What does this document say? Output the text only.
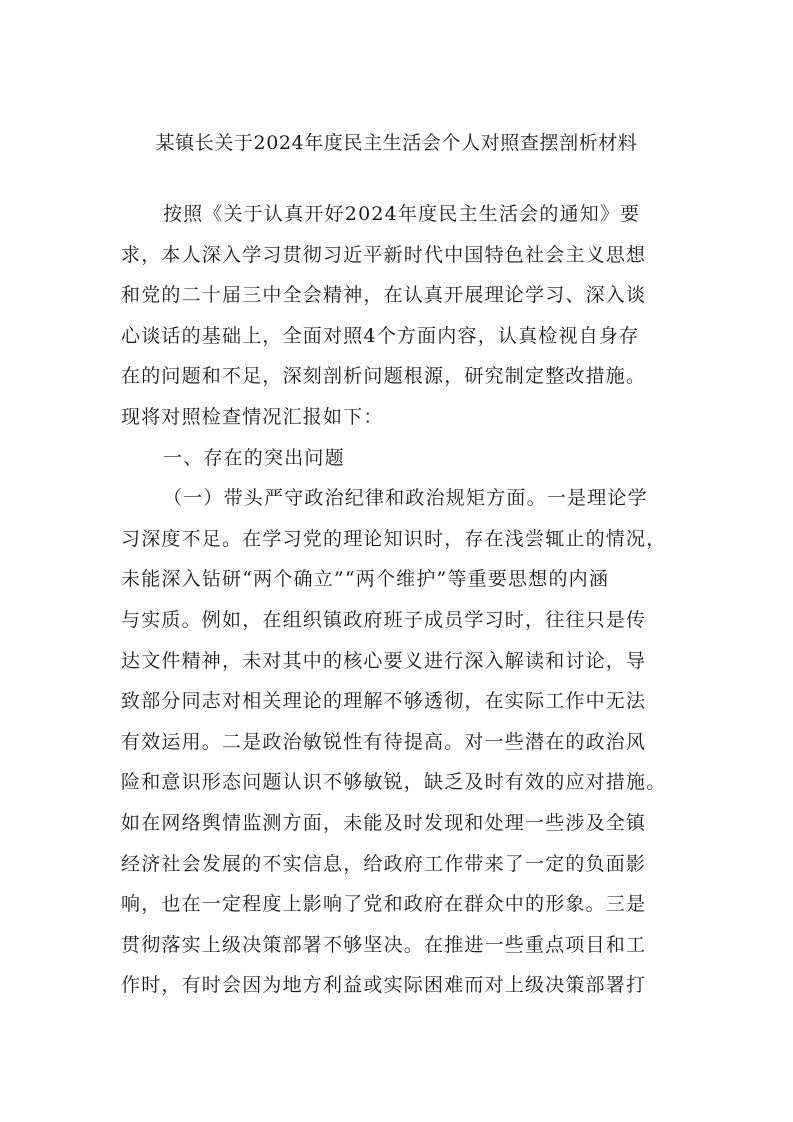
某镇长关于2024年度民主生活会个人对照查摆剖析材料
按照《关于认真开好2024年度民主生活会的通知》要
求，本人深入学习贯彻习近平新时代中国特色社会主义思想
和党的二十届三中全会精神，在认真开展理论学习、深入谈
心谈话的基础上，全面对照4个方面内容，认真检视自身存
在的问题和不足，深刻剖析问题根源，研究制定整改措施。
现将对照检查情况汇报如下：
一、存在的突出问题
（一）带头严守政治纪律和政治规矩方面。一是理论学
习深度不足。在学习党的理论知识时，存在浅尝辄止的情况，
未能深入钻研“两个确立”“两个维护”等重要思想的内涵
与实质。例如，在组织镇政府班子成员学习时，往往只是传
达文件精神，未对其中的核心要义进行深入解读和讨论，导
致部分同志对相关理论的理解不够透彻，在实际工作中无法
有效运用。二是政治敏锐性有待提高。对一些潜在的政治风
险和意识形态问题认识不够敏锐，缺乏及时有效的应对措施。
如在网络舆情监测方面，未能及时发现和处理一些涉及全镇
经济社会发展的不实信息，给政府工作带来了一定的负面影
响，也在一定程度上影响了党和政府在群众中的形象。三是
贯彻落实上级决策部署不够坚决。在推进一些重点项目和工
作时，有时会因为地方利益或实际困难而对上级决策部署打
